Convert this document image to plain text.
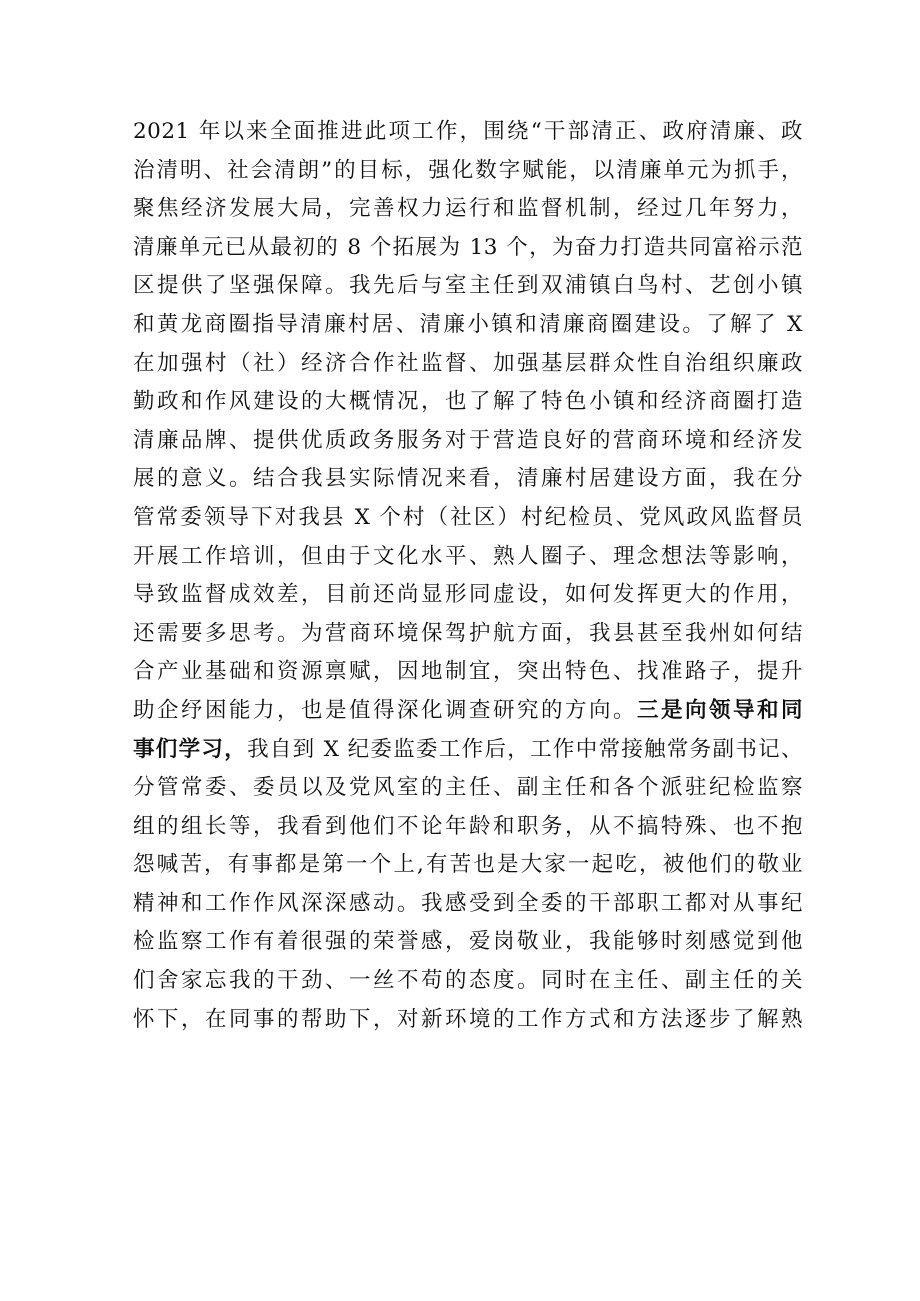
2021 年以来全面推进此项工作，围绕“干部清正、政府清廉、政
治清明、社会清朗”的目标，强化数字赋能，以清廉单元为抓手，
聚焦经济发展大局，完善权力运行和监督机制，经过几年努力，
清廉单元已从最初的 8 个拓展为 13 个，为奋力打造共同富裕示范
区提供了坚强保障。我先后与室主任到双浦镇白鸟村、艺创小镇
和黄龙商圈指导清廉村居、清廉小镇和清廉商圈建设。了解了 X
在加强村（社）经济合作社监督、加强基层群众性自治组织廉政
勤政和作风建设的大概情况，也了解了特色小镇和经济商圈打造
清廉品牌、提供优质政务服务对于营造良好的营商环境和经济发
展的意义。结合我县实际情况来看，清廉村居建设方面，我在分
管常委领导下对我县 X 个村（社区）村纪检员、党风政风监督员
开展工作培训，但由于文化水平、熟人圈子、理念想法等影响，
导致监督成效差，目前还尚显形同虚设，如何发挥更大的作用，
还需要多思考。为营商环境保驾护航方面，我县甚至我州如何结
合产业基础和资源禀赋，因地制宜，突出特色、找准路子，提升
助企纾困能力，也是值得深化调查研究的方向。三是向领导和同
事们学习，我自到 X 纪委监委工作后，工作中常接触常务副书记、
分管常委、委员以及党风室的主任、副主任和各个派驻纪检监察
组的组长等，我看到他们不论年龄和职务，从不搞特殊、也不抱
怨喊苦，有事都是第一个上,有苦也是大家一起吃，被他们的敬业
精神和工作作风深深感动。我感受到全委的干部职工都对从事纪
检监察工作有着很强的荣誉感，爱岗敬业，我能够时刻感觉到他
们舍家忘我的干劲、一丝不苟的态度。同时在主任、副主任的关
怀下，在同事的帮助下，对新环境的工作方式和方法逐步了解熟
